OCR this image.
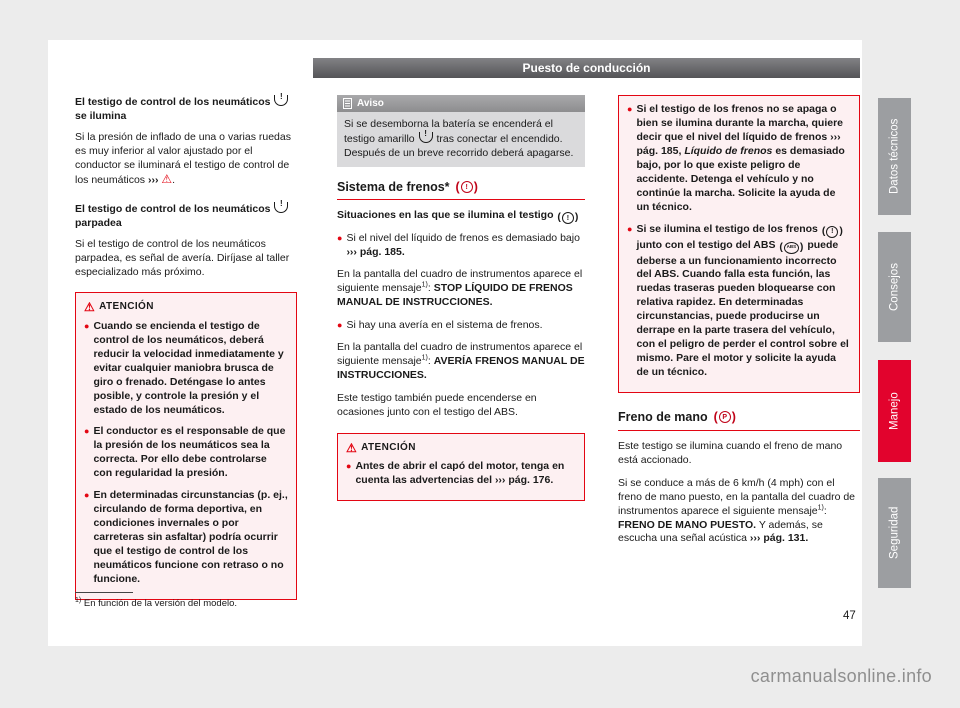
Puesto de conducción

El testigo de control de los neumáticos ! se ilumina

Si la presión de inflado de una o varias ruedas es muy inferior al valor ajustado por el conductor se iluminará el testigo de control de los neumáticos ››› ⚠.

El testigo de control de los neumáticos ! parpadea

Si el testigo de control de los neumáticos parpadea, es señal de avería. Diríjase al taller especializado más próximo.

⚠ ATENCIÓN
● Cuando se encienda el testigo de control de los neumáticos, deberá reducir la velocidad inmediatamente y evitar cualquier maniobra brusca de giro o frenado. Deténgase lo antes posible, y controle la presión y el estado de los neumáticos.
● El conductor es el responsable de que la presión de los neumáticos sea la correcta. Por ello debe controlarse con regularidad la presión.
● En determinadas circunstancias (p. ej., circulando de forma deportiva, en condiciones invernales o por carreteras sin asfaltar) podría ocurrir que el testigo de control de los neumáticos funcione con retraso o no funcione.
Aviso
Si se desemborna la batería se encenderá el testigo amarillo ! tras conectar el encendido. Después de un breve recorrido deberá apagarse.
Sistema de frenos*
(
!
)

Situaciones en las que se ilumina el testigo (
!
)

● Si el nivel del líquido de frenos es demasiado bajo ››› pág. 185.

En la pantalla del cuadro de instrumentos aparece el siguiente mensaje$^{1)}$: STOP LÍQUIDO DE FRENOS MANUAL DE INSTRUCCIONES.

● Si hay una avería en el sistema de frenos.

En la pantalla del cuadro de instrumentos aparece el siguiente mensaje$^{1)}$: AVERÍA FRENOS MANUAL DE INSTRUCCIONES.

Este testigo también puede encenderse en ocasiones junto con el testigo del ABS.

⚠ ATENCIÓN
● Antes de abrir el capó del motor, tenga en cuenta las advertencias del ››› pág. 176.
● Si el testigo de los frenos no se apaga o bien se ilumina durante la marcha, quiere decir que el nivel del líquido de frenos ››› pág. 185, Líquido de frenos es demasiado bajo, por lo que existe peligro de accidente. Detenga el vehículo y no continúe la marcha. Solicite la ayuda de un técnico.
● Si se ilumina el testigo de los frenos (
!
) junto con el testigo del ABS (
ABS
)	puede deberse a un funcionamiento incorrecto del ABS. Cuando falla esta función, las ruedas traseras pueden bloquearse con relativa rapidez. En determinadas circunstancias, puede producirse un derrape en la parte trasera del vehículo, con el peligro de perder el control sobre el mismo. Pare el motor y solicite la ayuda de un técnico.
Freno de mano
(
P
)

Este testigo se ilumina cuando el freno de mano está accionado.

Si se conduce a más de 6 km/h (4 mph) con el freno de mano puesto, en la pantalla del cuadro de instrumentos aparece el siguiente mensaje$^{1)}$: FRENO DE MANO PUESTO. Y además, se escucha una señal acústica ››› pág. 131.

$^{1)}$ En función de la versión del modelo.
47
Datos técnicos
Consejos
Manejo
Seguridad
carmanualsonline.info
